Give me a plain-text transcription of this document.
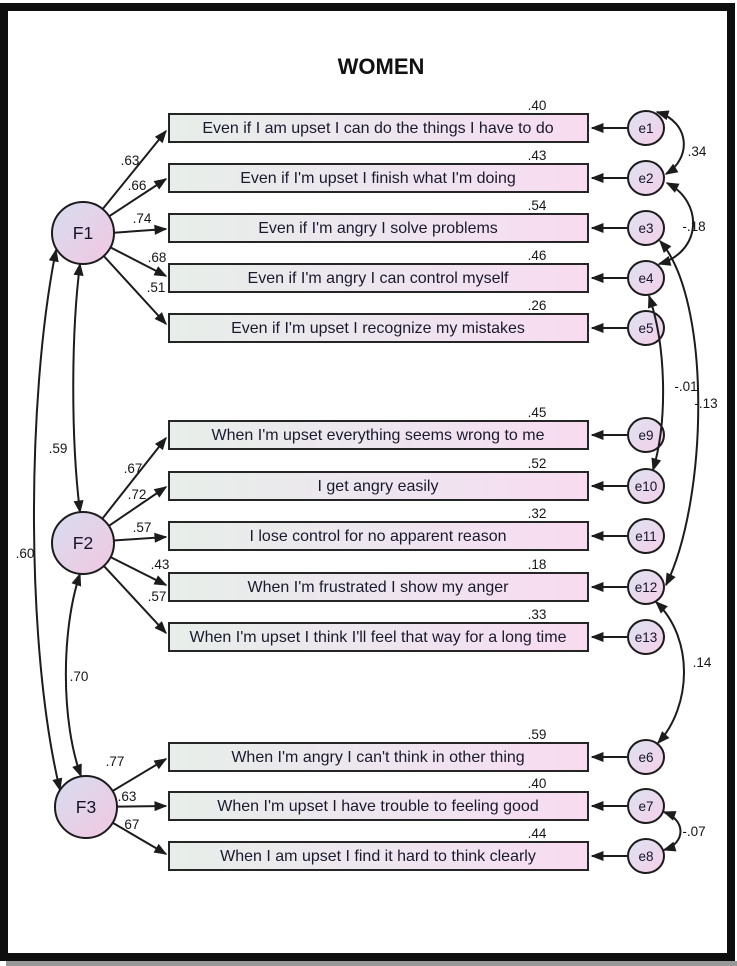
WOMEN
.63
Even if I am upset I can do the things I have to do
.40
e1
.66	Even if I'm upset I finish what I'm doing
.43
e2
.74
Even if I'm angry I solve problems
.54
e3
.68
Even if I'm angry I can control myself
.46
e4
.51
Even if I'm upset I recognize my mistakes
.26
e5
.67
When I'm upset everything seems wrong to me
.45
e9
.72	I get angry easily
.52
e10
.57
I lose control for no apparent reason
.32
e11
.43
When I'm frustrated I show my anger
.18
e12
.57
When I'm upset I think I'll feel that way for a long time
.33
e13
.77	When I'm angry I can't think in other thing
.59
e6
.63
When I'm upset I have trouble to feeling good
.40
e7
.67
When I am upset I find it hard to think clearly
.44
e8
.59
.60
.70
.34
-.18
-.13
-.01
.14
-.07
F1
F2
F3
